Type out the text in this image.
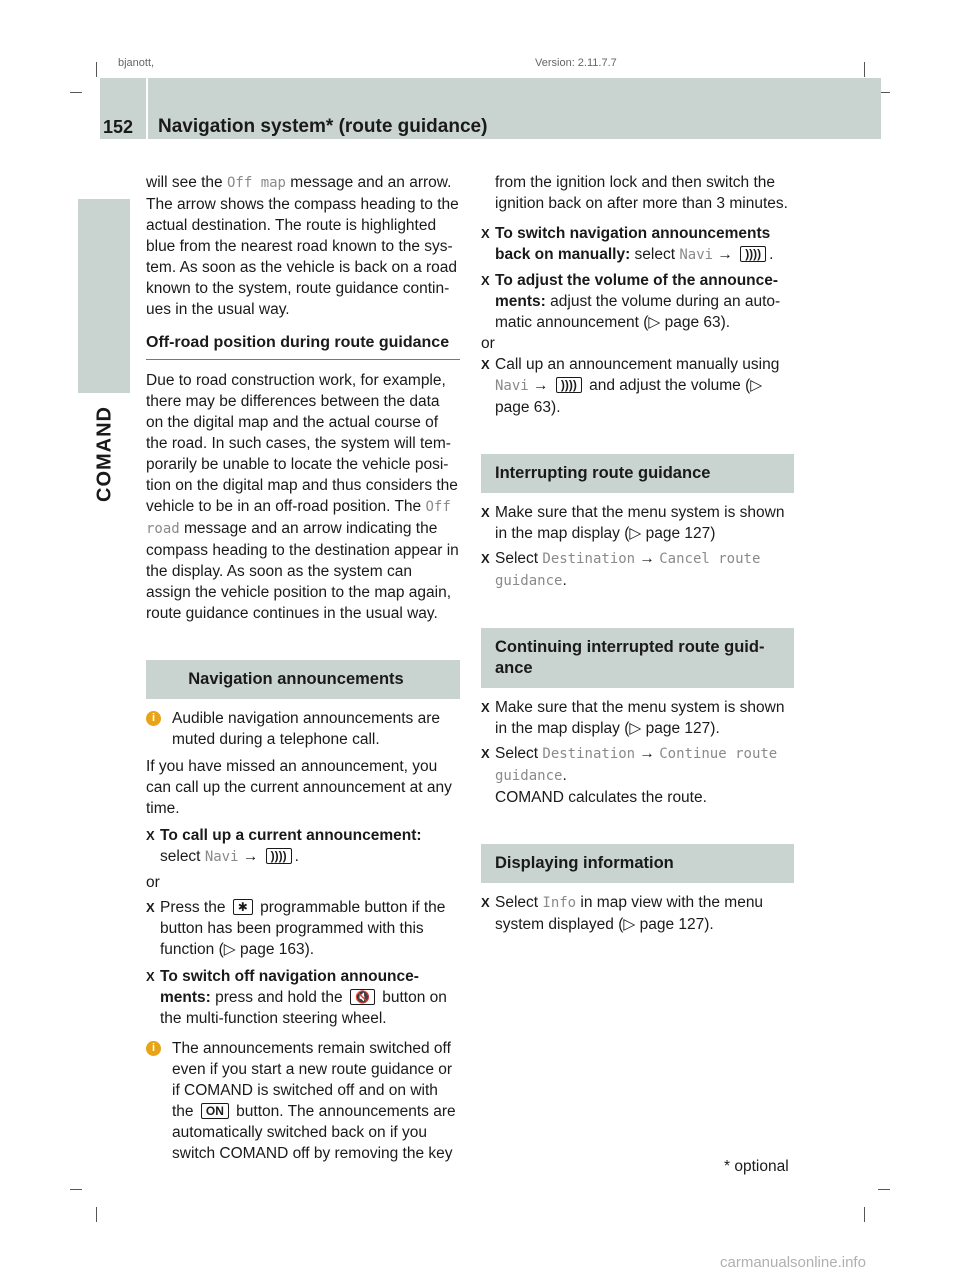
bjanott,	Version: 2.11.7.7
152 Navigation system* (route guidance)
COMAND

will see the Off map message and an arrow. The arrow shows the compass heading to the actual destination. The route is highlighted blue from the nearest road known to the sys-tem. As soon as the vehicle is back on a road known to the system, route guidance contin-ues in the usual way.

Off-road position during route guidance

Due to road construction work, for example, there may be differences between the data on the digital map and the actual course of the road. In such cases, the system will tem-porarily be unable to locate the vehicle posi-tion on the digital map and thus considers the vehicle to be in an off-road position. The Off road message and an arrow indicating the compass heading to the destination appear in the display. As soon as the system can assign the vehicle position to the map again, route guidance continues in the usual way.

Navigation announcements
i	Audible navigation announcements are muted during a telephone call.

If you have missed an announcement, you can call up the current announcement at any time.

X To call up a current announcement:
select Navi → )))) .

or

X Press the ✱ programmable button if the button has been programmed with this function (▷ page 163).
X To switch off navigation announce-ments: press and hold the 🔇 button on the multi-function steering wheel.
i	The announcements remain switched off even if you start a new route guidance or if COMAND is switched off and on with the ON button. The announcements are automatically switched back on if you switch COMAND off by removing the key

from the ignition lock and then switch the ignition back on after more than 3 minutes.

X To switch navigation announcements back on manually: select Navi → )))) .
X To adjust the volume of the announce-ments: adjust the volume during an auto-matic announcement (▷ page 63).

or

X Call up an announcement manually using Navi → )))) and adjust the volume (▷ page 63).
Interrupting route guidance
X Make sure that the menu system is shown in the map display (▷ page 127)
X Select Destination → Cancel route guidance.
Continuing interrupted route guid-ance
X Make sure that the menu system is shown in the map display (▷ page 127).
X Select Destination → Continue route guidance.
COMAND calculates the route.
Displaying information
X Select Info in map view with the menu system displayed (▷ page 127).
* optional
carmanualsonline.info
